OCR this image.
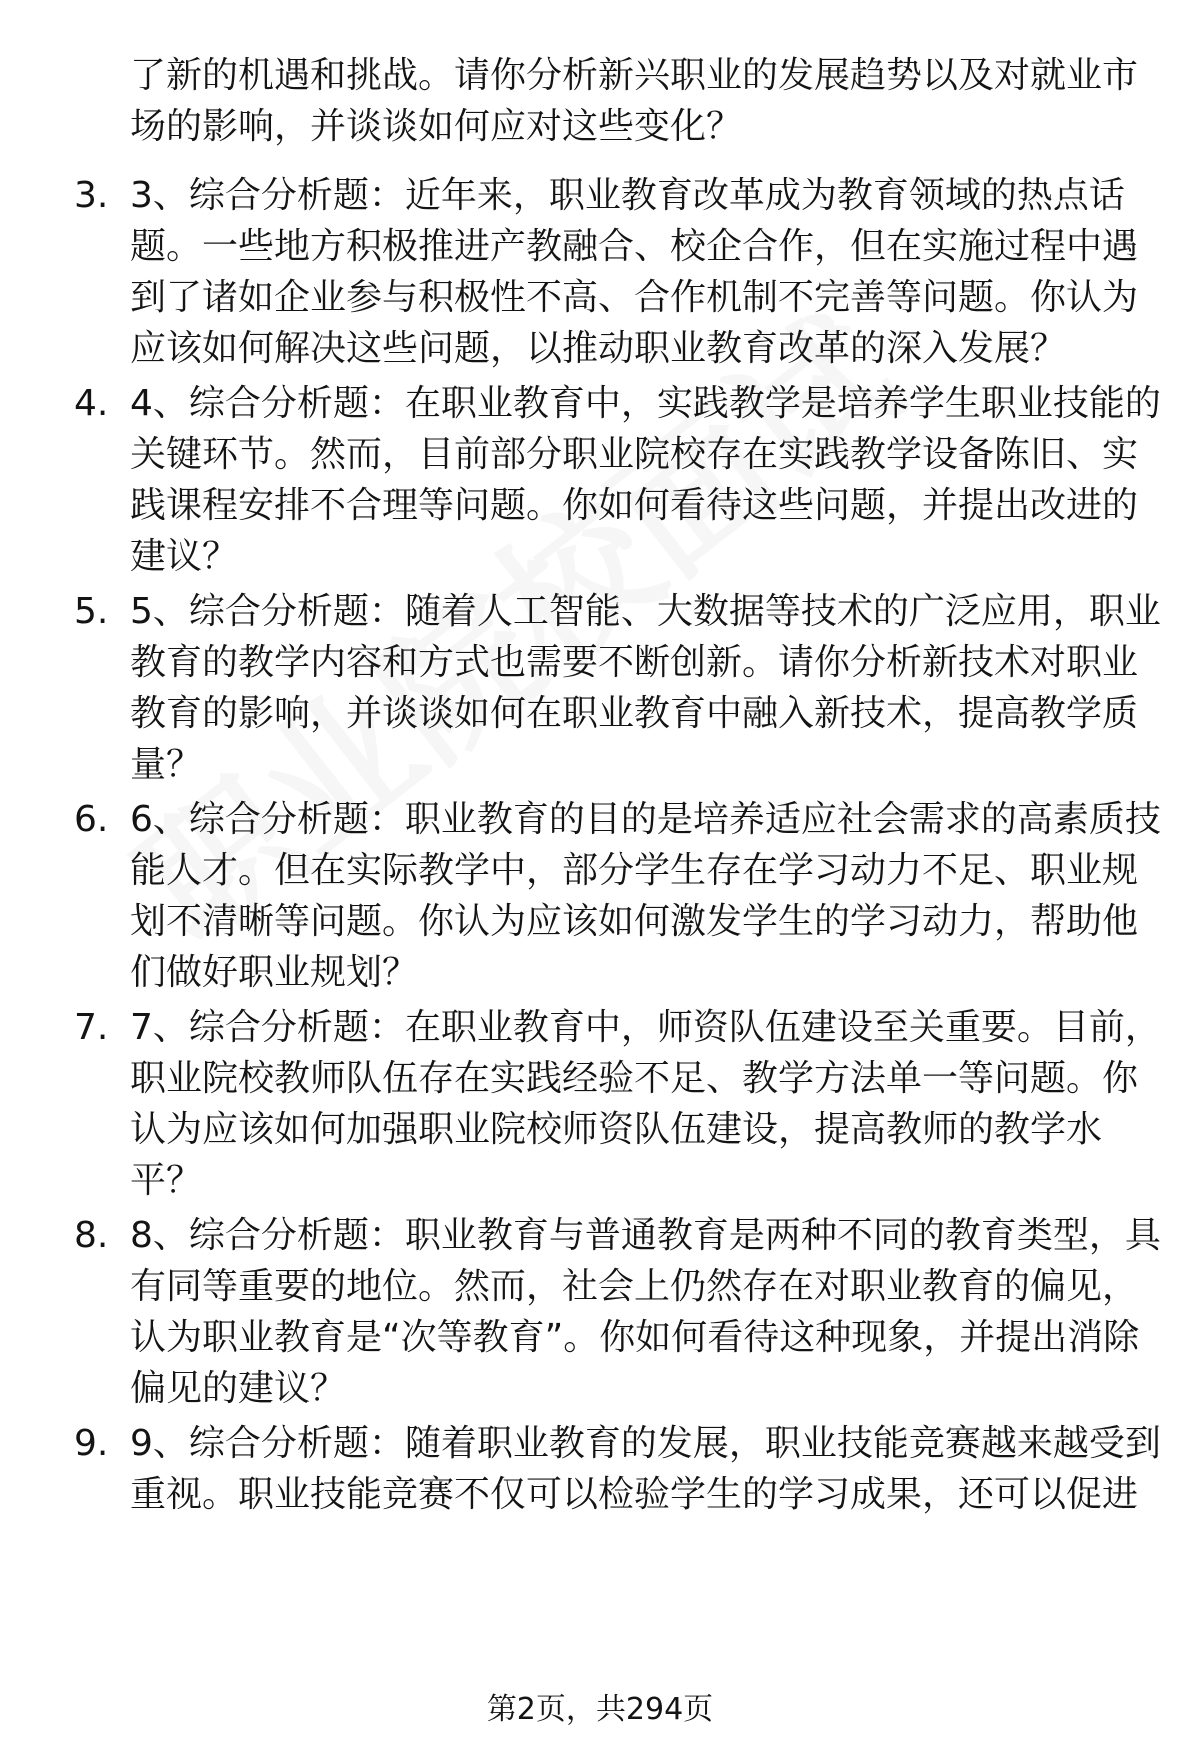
了新的机遇和挑战。请你分析新兴职业的发展趋势以及对就业市场的影响，并谈谈如何应对这些变化？

3. 3、综合分析题：近年来，职业教育改革成为教育领域的热点话题。一些地方积极推进产教融合、校企合作，但在实施过程中遇到了诸如企业参与积极性不高、合作机制不完善等问题。你认为应该如何解决这些问题，以推动职业教育改革的深入发展？
4. 4、综合分析题：在职业教育中，实践教学是培养学生职业技能的关键环节。然而，目前部分职业院校存在实践教学设备陈旧、实践课程安排不合理等问题。你如何看待这些问题，并提出改进的建议？
5. 5、综合分析题：随着人工智能、大数据等技术的广泛应用，职业教育的教学内容和方式也需要不断创新。请你分析新技术对职业教育的影响，并谈谈如何在职业教育中融入新技术，提高教学质量？
6. 6、综合分析题：职业教育的目的是培养适应社会需求的高素质技能人才。但在实际教学中，部分学生存在学习动力不足、职业规划不清晰等问题。你认为应该如何激发学生的学习动力，帮助他们做好职业规划？
7. 7、综合分析题：在职业教育中，师资队伍建设至关重要。目前，职业院校教师队伍存在实践经验不足、教学方法单一等问题。你认为应该如何加强职业院校师资队伍建设，提高教师的教学水平？
8. 8、综合分析题：职业教育与普通教育是两种不同的教育类型，具有同等重要的地位。然而，社会上仍然存在对职业教育的偏见，认为职业教育是“次等教育”。你如何看待这种现象，并提出消除偏见的建议？
9. 9、综合分析题：随着职业教育的发展，职业技能竞赛越来越受到重视。职业技能竞赛不仅可以检验学生的学习成果，还可以促进
第2页，共294页
